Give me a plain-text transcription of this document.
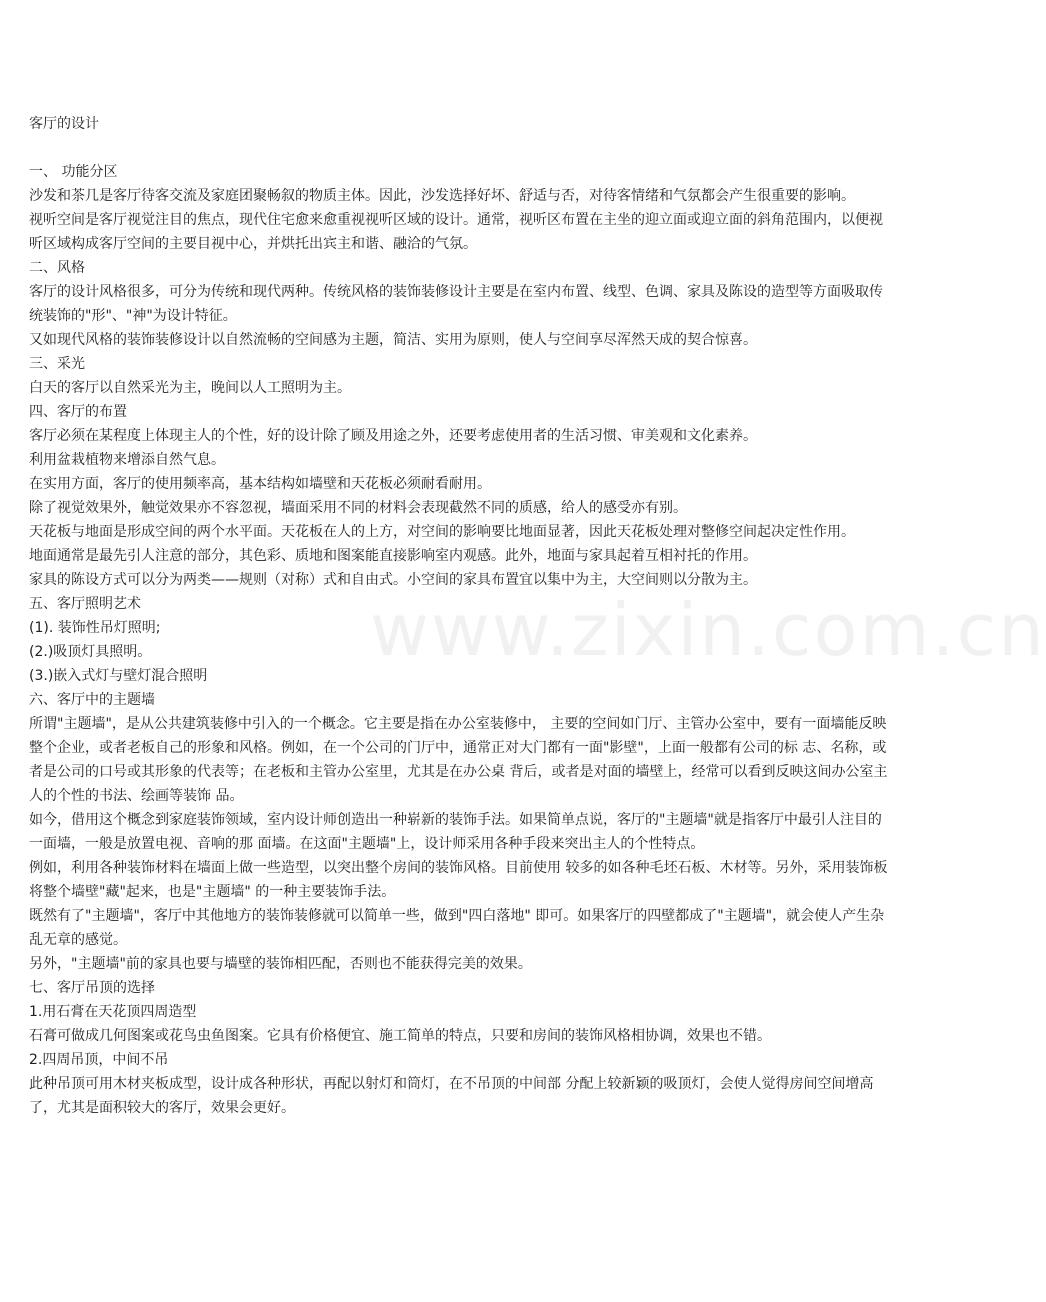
www.zixin.com.cn

客厅的设计

一、 功能分区

沙发和茶几是客厅待客交流及家庭团聚畅叙的物质主体。因此，沙发选择好坏、舒适与否，对待客情绪和气氛都会产生很重要的影响。

视听空间是客厅视觉注目的焦点，现代住宅愈来愈重视视听区域的设计。通常，视听区布置在主坐的迎立面或迎立面的斜角范围内，以便视听区域构成客厅空间的主要目视中心，并烘托出宾主和谐、融洽的气氛。

二、风格

客厅的设计风格很多，可分为传统和现代两种。传统风格的装饰装修设计主要是在室内布置、线型、色调、家具及陈设的造型等方面吸取传统装饰的"形"、"神"为设计特征。

又如现代风格的装饰装修设计以自然流畅的空间感为主题，简洁、实用为原则，使人与空间享尽浑然天成的契合惊喜。

三、采光

白天的客厅以自然采光为主，晚间以人工照明为主。

四、客厅的布置

客厅必须在某程度上体现主人的个性，好的设计除了顾及用途之外，还要考虑使用者的生活习惯、审美观和文化素养。

利用盆栽植物来增添自然气息。

在实用方面，客厅的使用频率高，基本结构如墙壁和天花板必须耐看耐用。

除了视觉效果外，触觉效果亦不容忽视，墙面采用不同的材料会表现截然不同的质感，给人的感受亦有别。

天花板与地面是形成空间的两个水平面。天花板在人的上方，对空间的影响要比地面显著，因此天花板处理对整修空间起决定性作用。

地面通常是最先引人注意的部分，其色彩、质地和图案能直接影响室内观感。此外，地面与家具起着互相衬托的作用。

家具的陈设方式可以分为两类——规则（对称）式和自由式。小空间的家具布置宜以集中为主，大空间则以分散为主。

五、客厅照明艺术

(1). 装饰性吊灯照明;

(2.)吸顶灯具照明。

(3.)嵌入式灯与壁灯混合照明

六、客厅中的主题墙

所谓"主题墙"，是从公共建筑装修中引入的一个概念。它主要是指在办公室装修中， 主要的空间如门厅、主管办公室中，要有一面墙能反映整个企业，或者老板自己的形象和风格。例如，在一个公司的门厅中，通常正对大门都有一面"影壁"，上面一般都有公司的标 志、名称，或者是公司的口号或其形象的代表等；在老板和主管办公室里，尤其是在办公桌 背后，或者是对面的墙壁上，经常可以看到反映这间办公室主人的个性的书法、绘画等装饰 品。

如今，借用这个概念到家庭装饰领域，室内设计师创造出一种崭新的装饰手法。如果简单点说，客厅的"主题墙"就是指客厅中最引人注目的一面墙，一般是放置电视、音响的那 面墙。在这面"主题墙"上，设计师采用各种手段来突出主人的个性特点。

例如，利用各种装饰材料在墙面上做一些造型，以突出整个房间的装饰风格。目前使用 较多的如各种毛坯石板、木材等。另外，采用装饰板将整个墙壁"藏"起来，也是"主题墙" 的一种主要装饰手法。

既然有了"主题墙"，客厅中其他地方的装饰装修就可以简单一些，做到"四白落地" 即可。如果客厅的四壁都成了"主题墙"，就会使人产生杂乱无章的感觉。

另外，"主题墙"前的家具也要与墙壁的装饰相匹配，否则也不能获得完美的效果。

七、客厅吊顶的选择

1.用石膏在天花顶四周造型

石膏可做成几何图案或花鸟虫鱼图案。它具有价格便宜、施工简单的特点，只要和房间的装饰风格相协调，效果也不错。

2.四周吊顶，中间不吊

此种吊顶可用木材夹板成型，设计成各种形状，再配以射灯和筒灯，在不吊顶的中间部 分配上较新颖的吸顶灯，会使人觉得房间空间增高了，尤其是面积较大的客厅，效果会更好。
